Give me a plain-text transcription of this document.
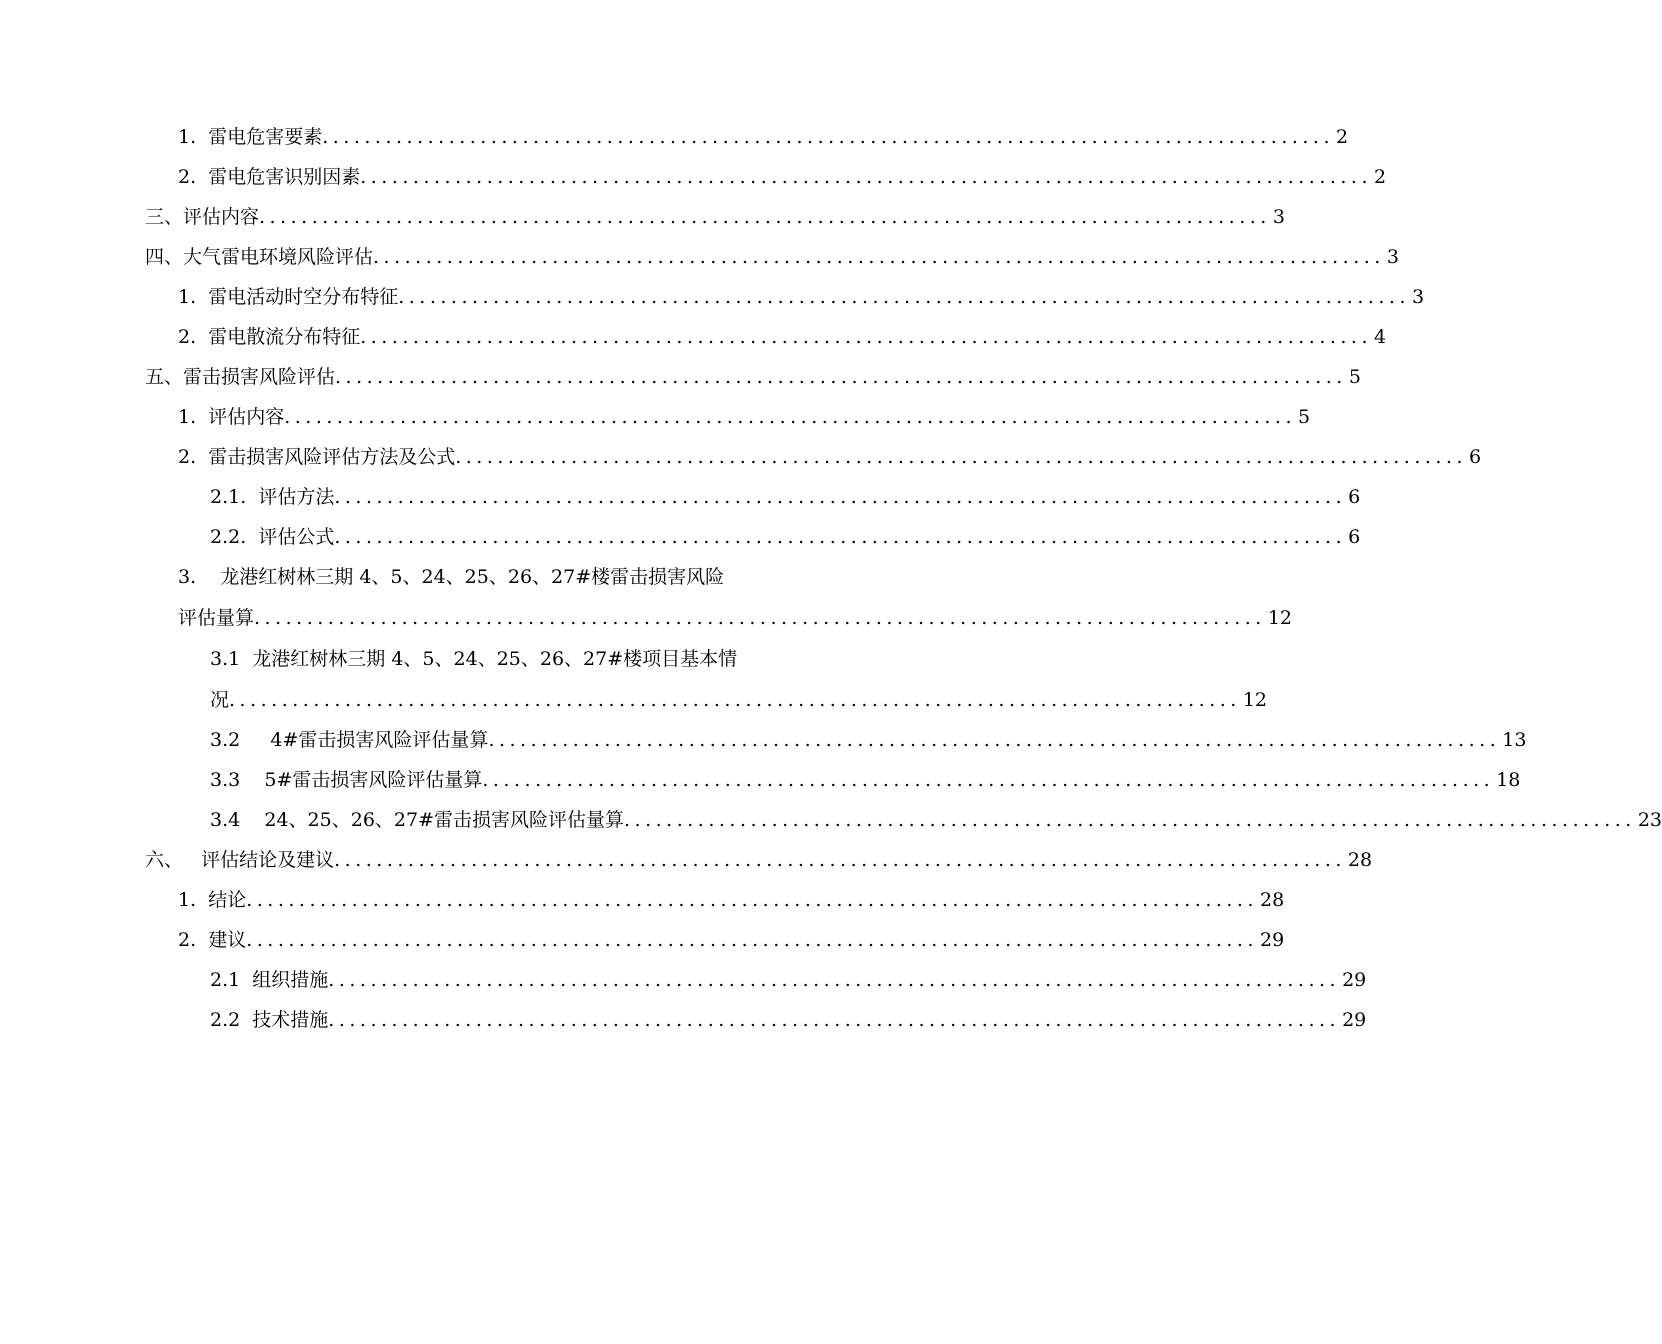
1.  雷电危害要素 ................................................................................................ 2
2.  雷电危害识别因素 ................................................................................................ 2
三、评估内容 ................................................................................................ 3
四、大气雷电环境风险评估 ................................................................................................ 3
1.  雷电活动时空分布特征 ................................................................................................ 3
2.  雷电散流分布特征 ................................................................................................ 4
五、雷击损害风险评估 ................................................................................................ 5
1.  评估内容 ................................................................................................ 5
2.  雷击损害风险评估方法及公式 ................................................................................................ 6
2.1.  评估方法 ................................................................................................ 6
2.2.  评估公式 ................................................................................................ 6
3.    龙港红树林三期 4、5、24、25、26、27#楼雷击损害风险
评估量算 ................................................................................................ 12
3.1  龙港红树林三期 4、5、24、25、26、27#楼项目基本情
况 ................................................................................................ 12
3.2     4#雷击损害风险评估量算 ................................................................................................ 13
3.3    5#雷击损害风险评估量算 ................................................................................................ 18
3.4    24、25、26、27#雷击损害风险评估量算 ................................................................................................ 23
六、   评估结论及建议 ................................................................................................ 28
1.  结论 ................................................................................................ 28
2.  建议 ................................................................................................ 29
2.1  组织措施 ................................................................................................ 29
2.2  技术措施 ................................................................................................ 29
